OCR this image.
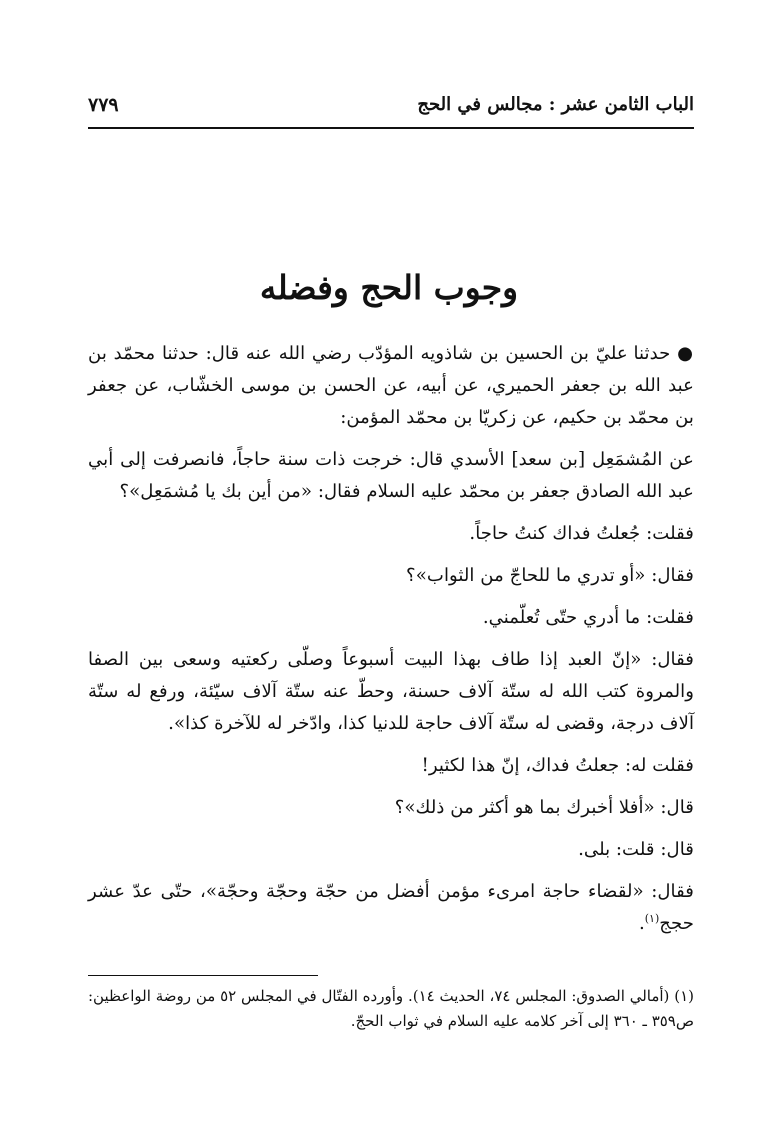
الباب الثامن عشر : مجالس في الحج
٧٧٩
وجوب الحج وفضله

● حدثنا عليّ بن الحسين بن شاذويه المؤدّب رضي الله عنه قال: حدثنا محمّد بن عبد الله بن جعفر الحميري، عن أبيه، عن الحسن بن موسى الخشّاب، عن جعفر بن محمّد بن حكيم، عن زكريّا بن محمّد المؤمن:

عن المُشمَعِل [بن سعد] الأسدي قال: خرجت ذات سنة حاجاً، فانصرفت إلى أبي عبد الله الصادق جعفر بن محمّد عليه السلام فقال: «من أين بك يا مُشمَعِل»؟

فقلت: جُعلتُ فداك كنتُ حاجاً.

فقال: «أو تدري ما للحاجّ من الثواب»؟

فقلت: ما أدري حتّى تُعلّمني.

فقال: «إنّ العبد إذا طاف بهذا البيت أسبوعاً وصلّى ركعتيه وسعى بين الصفا والمروة كتب الله له ستّة آلاف حسنة، وحطّ عنه ستّة آلاف سيّئة، ورفع له ستّة آلاف درجة، وقضى له ستّة آلاف حاجة للدنيا كذا، وادّخر له للآخرة كذا».

فقلت له: جعلتُ فداك، إنّ هذا لكثير!

قال: «أفلا أخبرك بما هو أكثر من ذلك»؟

قال: قلت: بلى.

فقال: «لقضاء حاجة امرىء مؤمن أفضل من حجّة وحجّة وحجّة»، حتّى عدّ عشر حجج$^{(١)}$.

(١) (أمالي الصدوق: المجلس ٧٤، الحديث ١٤). وأورده الفتّال في المجلس ٥٢ من روضة الواعظين: ص٣٥٩ ـ ٣٦٠ إلى آخر كلامه عليه السلام في ثواب الحجّ.
